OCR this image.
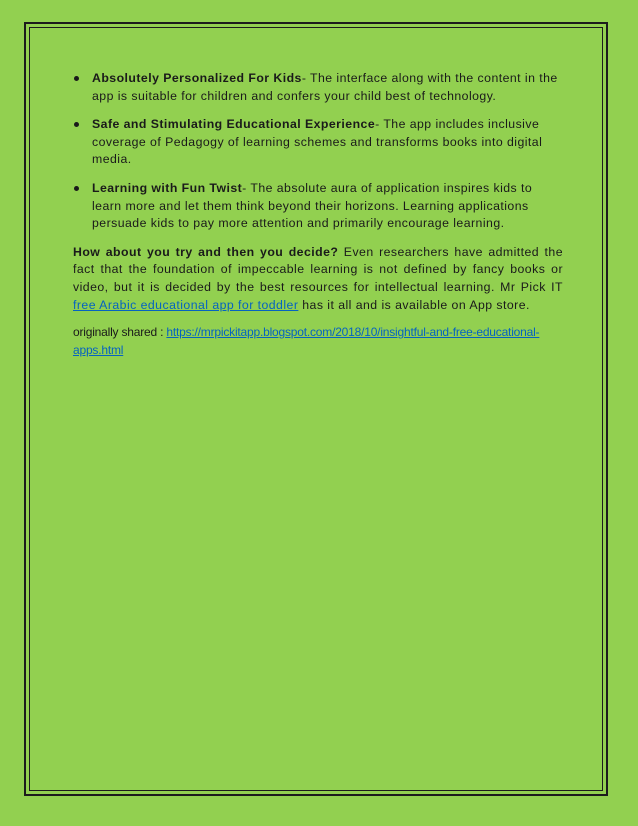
Absolutely Personalized For Kids- The interface along with the content in the app is suitable for children and confers your child best of technology.
Safe and Stimulating Educational Experience- The app includes inclusive coverage of Pedagogy of learning schemes and transforms books into digital media.
Learning with Fun Twist- The absolute aura of application inspires kids to learn more and let them think beyond their horizons. Learning applications persuade kids to pay more attention and primarily encourage learning.

How about you try and then you decide? Even researchers have admitted the fact that the foundation of impeccable learning is not defined by fancy books or video, but it is decided by the best resources for intellectual learning. Mr Pick IT free Arabic educational app for toddler has it all and is available on App store.

originally shared : https://mrpickitapp.blogspot.com/2018/10/insightful-and-free-educational-apps.html
